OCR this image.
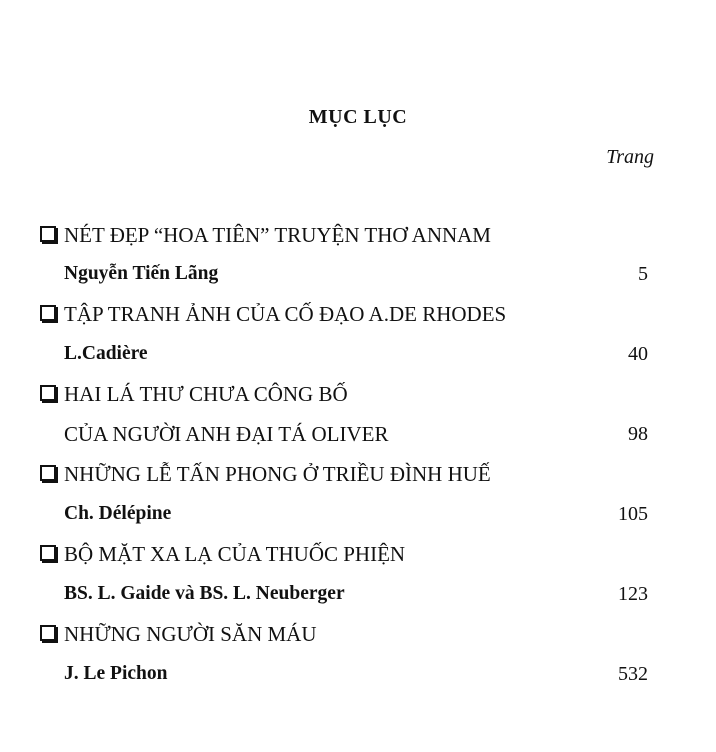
MỤC LỤC
Trang
NÉT ĐẸP “HOA TIÊN” TRUYỆN THƠ ANNAM
Nguyễn Tiến Lãng	5
TẬP TRANH ẢNH CỦA CỐ ĐẠO A.DE RHODES
L.Cadière	40
HAI LÁ THƯ CHƯA CÔNG BỐ
CỦA NGƯỜI ANH ĐẠI TÁ OLIVER	98
NHỮNG LỄ TẤN PHONG Ở TRIỀU ĐÌNH HUẾ
Ch. Délépine	105
BỘ MẶT XA LẠ CỦA THUỐC PHIỆN
BS. L. Gaide và BS. L. Neuberger	123
NHỮNG NGƯỜI SĂN MÁU
J. Le Pichon	532
